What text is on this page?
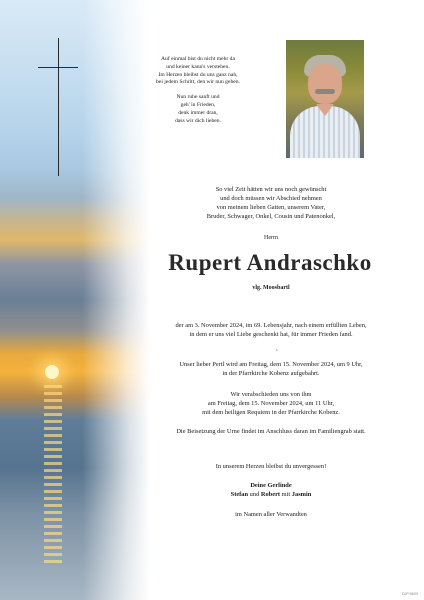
Auf einmal bist du nicht mehr da
und keiner kann's verstehen.
Im Herzen bleibst du uns ganz nah,
bei jedem Schritt, den wir nun gehen.

Nun ruhe sanft und
geh' in Frieden,
denk immer dran,
dass wir dich lieben.

So viel Zeit hätten wir uns noch gewünscht

und doch müssen wir Abschied nehmen

von meinem lieben Gatten, unserem Vater,

Bruder, Schwager, Onkel, Cousin und Patenonkel,

Herrn
Rupert Andraschko
vlg. Moosbartl
der am 3. November 2024, im 69. Lebensjahr, nach einem erfüllten Leben,
in dem er uns viel Liebe geschenkt hat, für immer Frieden fand.
s
Unser lieber Pertl wird am Freitag, dem 15. November 2024, um 9 Uhr,
in der Pfarrkirche Kobenz aufgebahrt.
Wir verabschieden uns von ihm
am Freitag, dem 15. November 2024, um 11 Uhr,
mit dem heiligen Requiem in der Pfarrkirche Kobenz.
Die Beisetzung der Urne findet im Anschluss daran im Familiengrab statt.
In unserem Herzen bleibst du unvergessen!
Deine Gerlinde
Stefan und Robert mit Jasmin
im Namen aller Verwandten
DJP 96/09
